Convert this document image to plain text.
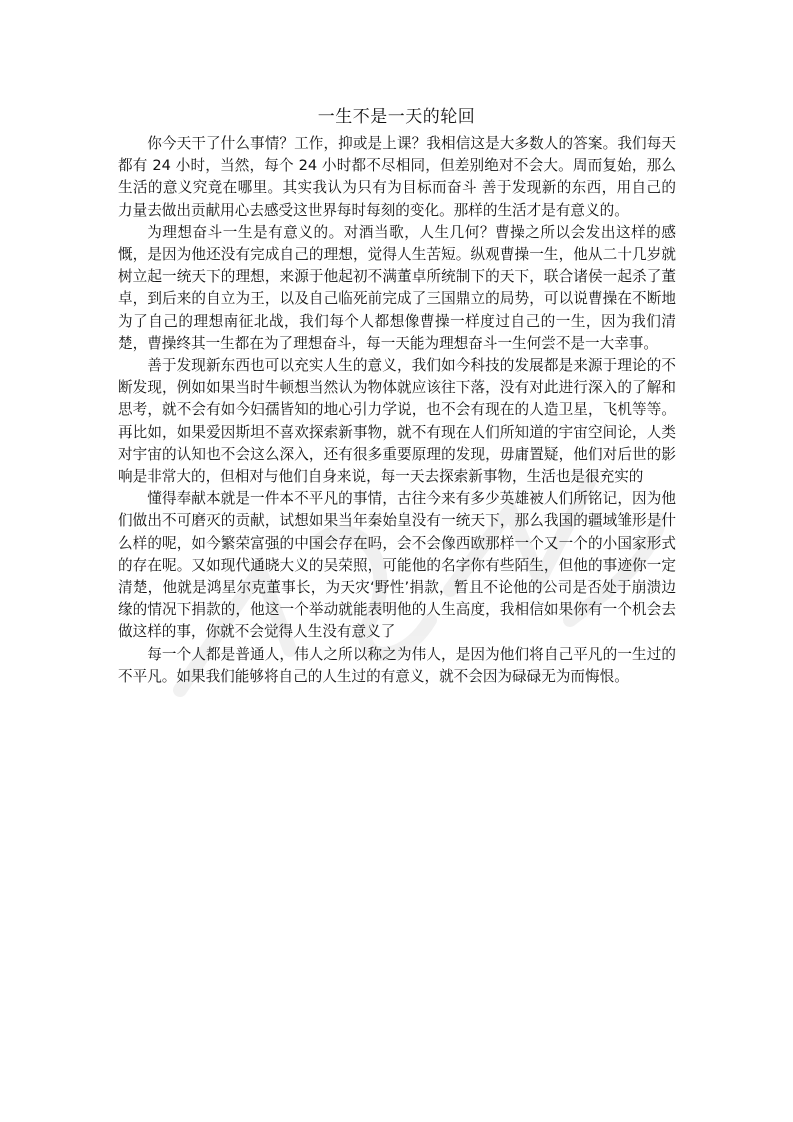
一生不是一天的轮回

你今天干了什么事情？工作，抑或是上课？我相信这是大多数人的答案。我们每天都有 24 小时，当然，每个 24 小时都不尽相同，但差别绝对不会大。周而复始，那么生活的意义究竟在哪里。其实我认为只有为目标而奋斗 善于发现新的东西，用自己的力量去做出贡献用心去感受这世界每时每刻的变化。那样的生活才是有意义的。

为理想奋斗一生是有意义的。对酒当歌，人生几何？曹操之所以会发出这样的感慨，是因为他还没有完成自己的理想，觉得人生苦短。纵观曹操一生，他从二十几岁就树立起一统天下的理想，来源于他起初不满董卓所统制下的天下，联合诸侯一起杀了董卓，到后来的自立为王，以及自己临死前完成了三国鼎立的局势，可以说曹操在不断地为了自己的理想南征北战，我们每个人都想像曹操一样度过自己的一生，因为我们清楚，曹操终其一生都在为了理想奋斗，每一天能为理想奋斗一生何尝不是一大幸事。

善于发现新东西也可以充实人生的意义，我们如今科技的发展都是来源于理论的不断发现，例如如果当时牛顿想当然认为物体就应该往下落，没有对此进行深入的了解和思考，就不会有如今妇孺皆知的地心引力学说，也不会有现在的人造卫星，飞机等等。再比如，如果爱因斯坦不喜欢探索新事物，就不有现在人们所知道的宇宙空间论，人类对宇宙的认知也不会这么深入，还有很多重要原理的发现，毋庸置疑，他们对后世的影响是非常大的，但相对与他们自身来说，每一天去探索新事物，生活也是很充实的

懂得奉献本就是一件本不平凡的事情，古往今来有多少英雄被人们所铭记，因为他们做出不可磨灭的贡献，试想如果当年秦始皇没有一统天下，那么我国的疆域雏形是什么样的呢，如今繁荣富强的中国会存在吗，会不会像西欧那样一个又一个的小国家形式的存在呢。又如现代通晓大义的吴荣照，可能他的名字你有些陌生，但他的事迹你一定清楚，他就是鸿星尔克董事长，为天灾‘野性’捐款，暂且不论他的公司是否处于崩溃边缘的情况下捐款的，他这一个举动就能表明他的人生高度，我相信如果你有一个机会去做这样的事，你就不会觉得人生没有意义了

每一个人都是普通人，伟人之所以称之为伟人，是因为他们将自己平凡的一生过的不平凡。如果我们能够将自己的人生过的有意义，就不会因为碌碌无为而悔恨。
